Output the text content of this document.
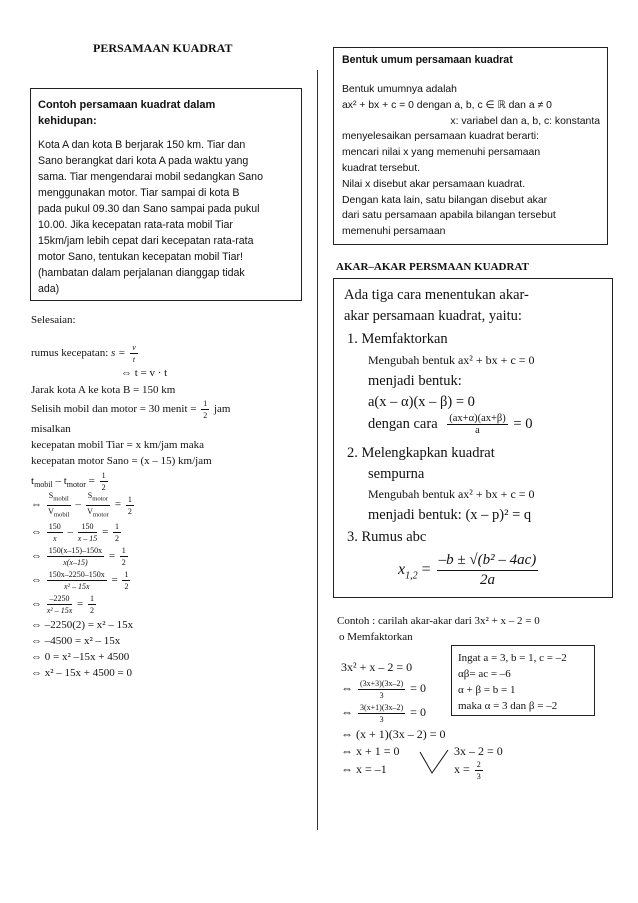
PERSAMAAN KUADRAT
Contoh persamaan kuadrat dalam
kehidupan:
Kota A dan kota B berjarak 150 km. Tiar dan
Sano berangkat dari kota A pada waktu yang
sama. Tiar mengendarai mobil sedangkan Sano
menggunakan motor. Tiar sampai di kota B
pada pukul 09.30 dan Sano sampai pada pukul
10.00. Jika kecepatan rata-rata mobil Tiar
15km/jam lebih cepat dari kecepatan rata-rata
motor Sano, tentukan kecepatan mobil Tiar!
(hambatan dalam perjalanan dianggap tidak
ada)
Selesaian:
rumus kecepatan: $s = \frac{v}{t}$
⇔ t = v · t
Jarak kota A ke kota B = 150 km
Selisih mobil dan motor = 30 menit = $\frac{1}{2}$ jam
misalkan
kecepatan mobil Tiar = x km/jam maka
kecepatan motor Sano = (x – 15) km/jam
$t_{mobil} - t_{motor} = \frac{1}{2}$
⇔
$S_{mobil}$
$V_{mobil}$
–
$S_{motor}$
$V_{motor}$
= $\frac{1}{2}$
⇔ $\frac{150}{x} - \frac{150}{x - 15} = \frac{1}{2}$
⇔ $\frac{150(x-15)-150x}{x(x-15)} = \frac{1}{2}$
⇔ $\frac{150x-2250-150x}{\text{x² – 15x}} = \frac{1}{2}$
⇔ $\frac{-2250}{\text{x² – 15x}} = \frac{1}{2}$
⇔ –2250(2) = x² – 15x
⇔ –4500 = x² – 15x
⇔ 0 = x² –15x + 4500
⇔ x² – 15x + 4500 = 0
Bentuk umum persamaan kuadrat
Bentuk umumnya adalah
ax² + bx + c = 0 dengan a, b, c ∈ ℝ dan a ≠ 0
x: variabel dan a, b, c: konstanta
menyelesaikan persamaan kuadrat berarti:
mencari nilai x yang memenuhi persamaan
kuadrat tersebut.
Nilai x disebut akar persamaan kuadrat.
Dengan kata lain, satu bilangan disebut akar
dari satu persamaan apabila bilangan tersebut
memenuhi persamaan
AKAR–AKAR PERSMAAN KUADRAT
Ada tiga cara menentukan akar-
akar persamaan kuadrat, yaitu:
1. Memfaktorkan
Mengubah bentuk ax² + bx + c = 0
menjadi bentuk:
a(x – α)(x – β) = 0
dengan cara $\frac{(ax+\alpha)(ax+\beta)}{a} = 0$
2. Melengkapkan kuadrat
sempurna
Mengubah bentuk ax² + bx + c = 0
menjadi bentuk: (x – p)² = q
3. Rumus abc
$x_{1,2} = \frac{\text{–b ± √(b² – 4ac)}}{2a}$
Contoh : carilah akar-akar dari 3x² + x – 2 = 0
o Memfaktorkan
3x² + x – 2 = 0
⇔ $\frac{(3x+3)(3x-2)}{3} = 0$
⇔ $\frac{3(x+1)(3x-2)}{3} = 0$
⇔ (x + 1)(3x – 2) = 0
⇔ x + 1 = 0	3x – 2 = 0
⇔ x = –1	$x = \frac{2}{3}$
Ingat a = 3, b = 1, c = –2
αβ= ac = –6
α + β = b = 1
maka α = 3 dan β = –2
